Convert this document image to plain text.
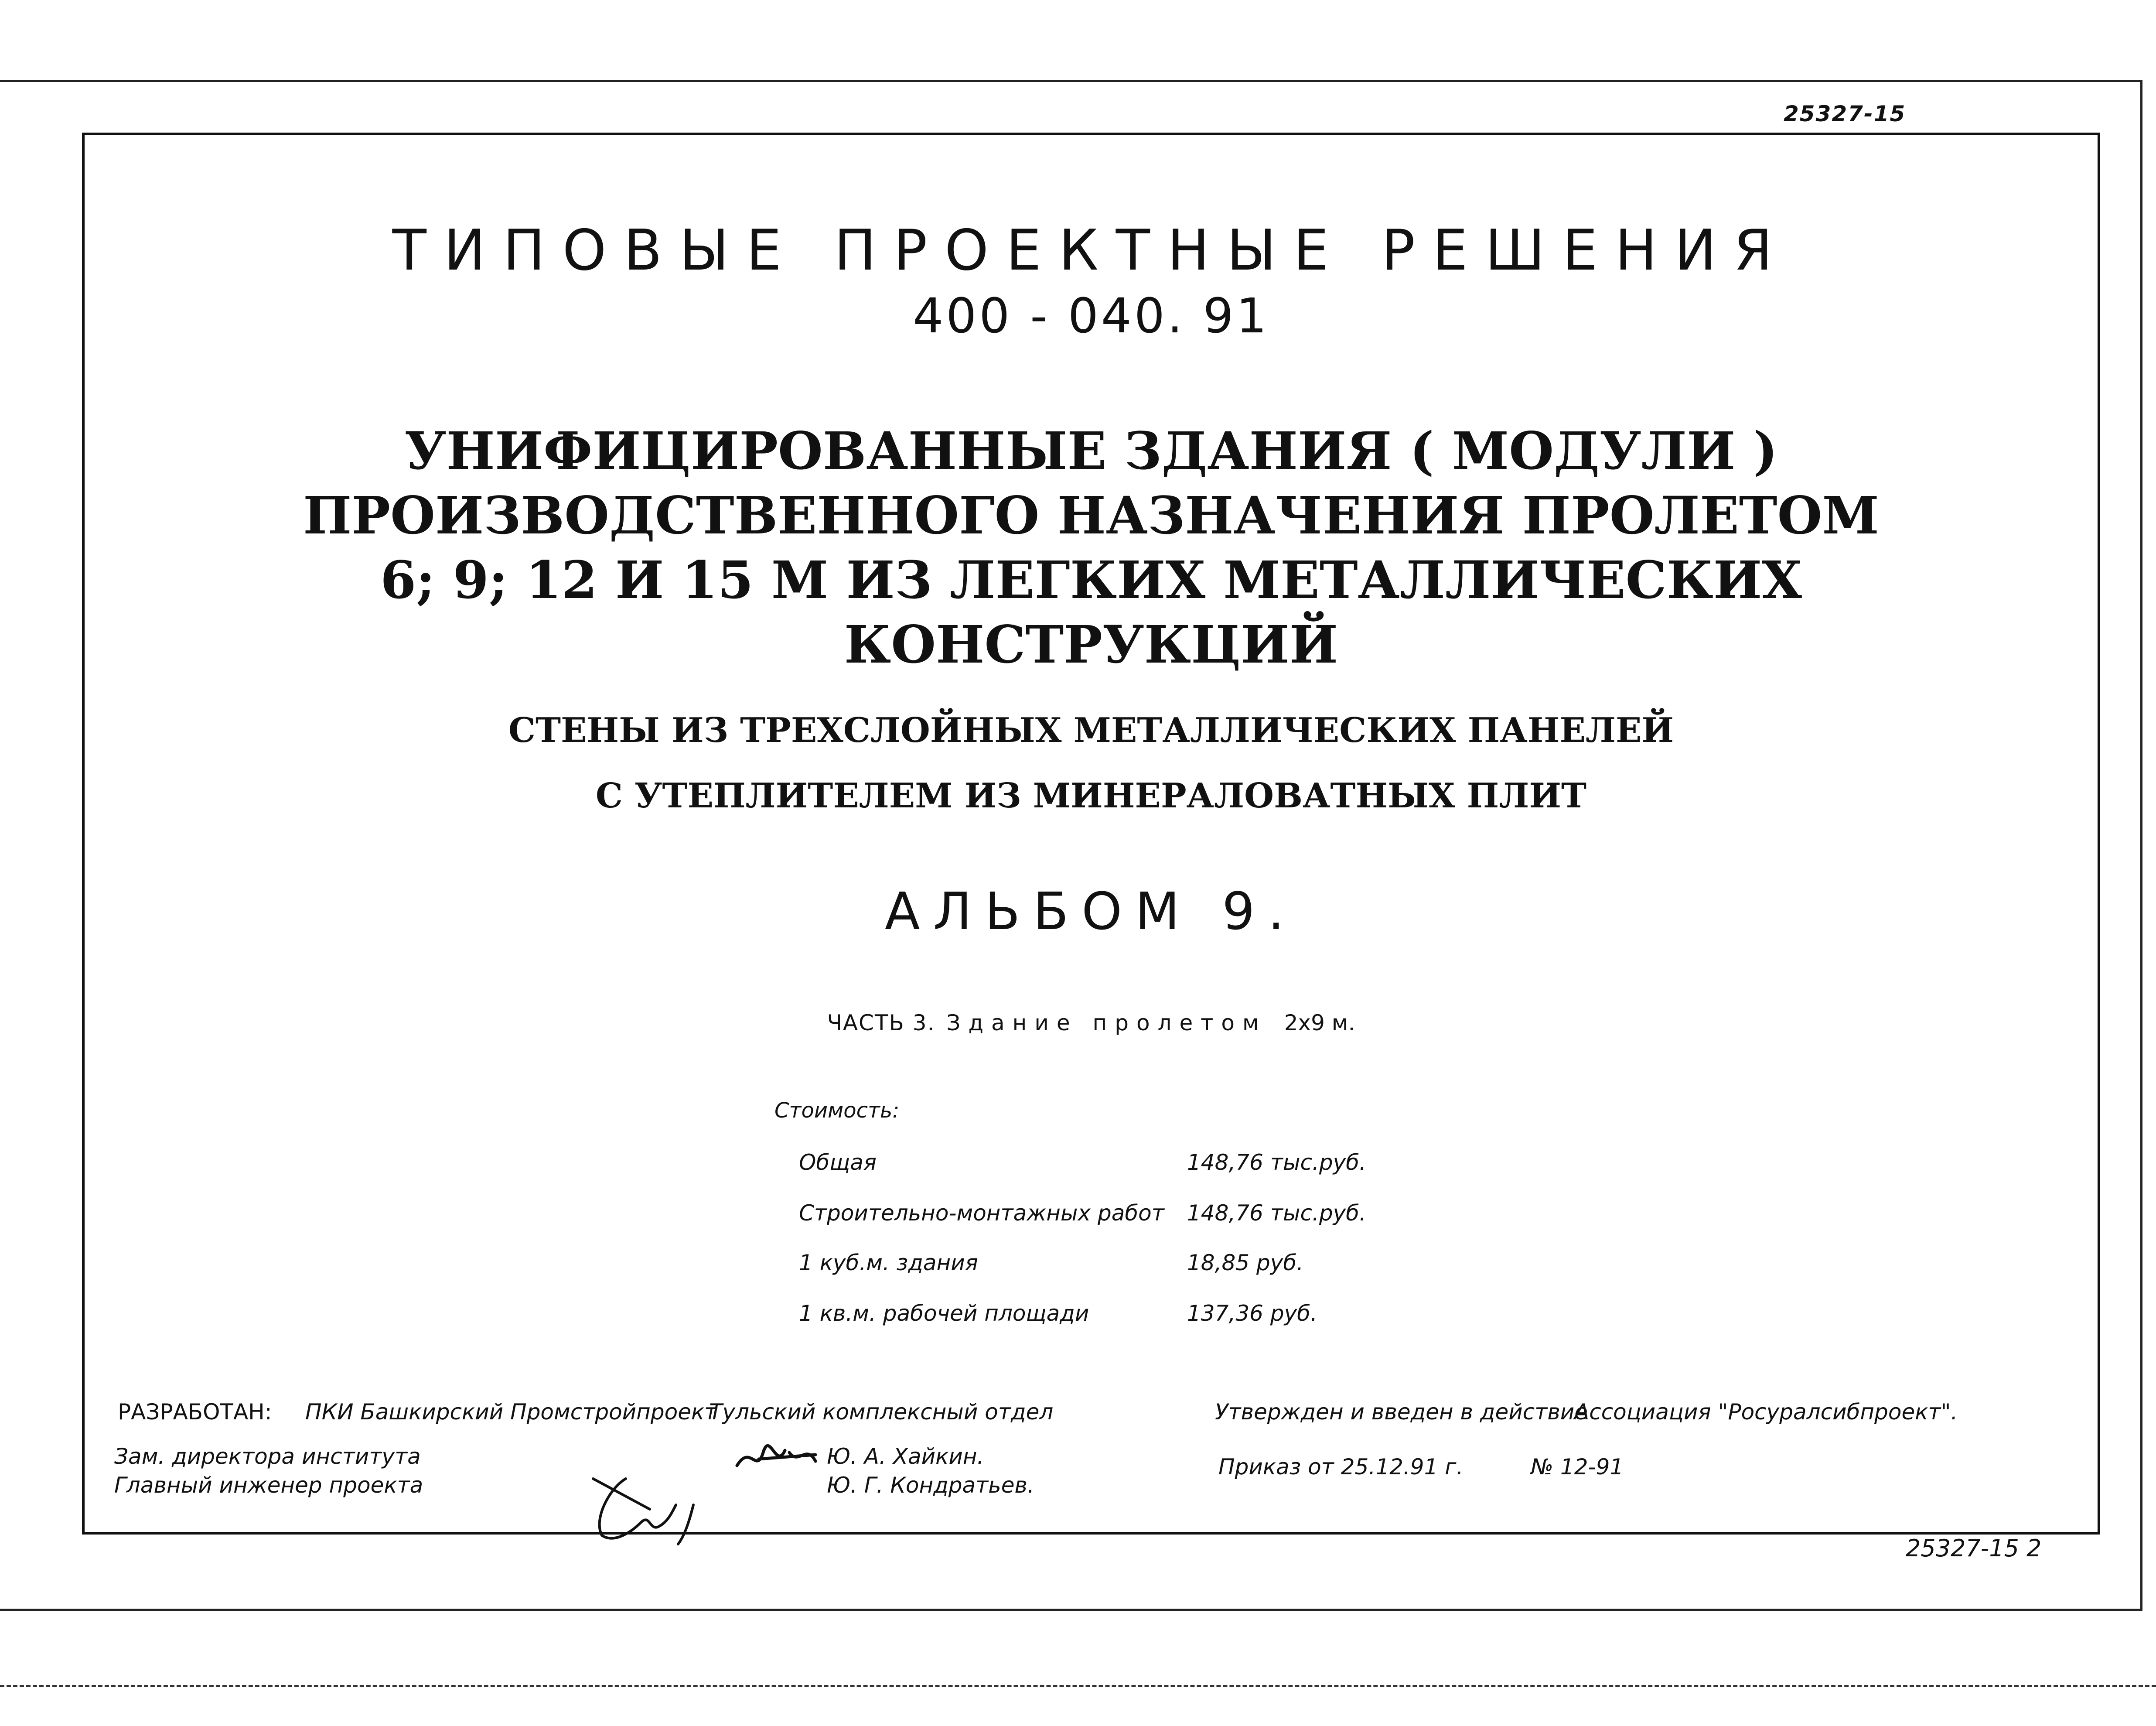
25327-15
ТИПОВЫЕ ПРОЕКТНЫЕ РЕШЕНИЯ
400 - 040. 91
УНИФИЦИРОВАННЫЕ ЗДАНИЯ ( МОДУЛИ )
ПРОИЗВОДСТВЕННОГО НАЗНАЧЕНИЯ ПРОЛЕТОМ
6; 9; 12 И 15 М ИЗ ЛЕГКИХ МЕТАЛЛИЧЕСКИХ
КОНСТРУКЦИЙ
СТЕНЫ ИЗ ТРЕХСЛОЙНЫХ МЕТАЛЛИЧЕСКИХ ПАНЕЛЕЙ
С УТЕПЛИТЕЛЕМ ИЗ МИНЕРАЛОВАТНЫХ ПЛИТ
АЛЬБОМ 9.
ЧАСТЬ 3. Здание пролетом 2х9 м.
Стоимость:
Общая	148,76 тыс.руб.
Строительно-монтажных работ 148,76 тыс.руб.
1 куб.м. здания	18,85 руб.
1 кв.м. рабочей площади	137,36 руб.
РАЗРАБОТАН: ПКИ Башкирский Промстройпроект
Тульский комплексный отдел	Утвержден и введен в действие
Ассоциация "Росуралсибпроект".
Зам. директора института
Главный инженер проекта
Ю. А. Хайкин.
Ю. Г. Кондратьев.
Приказ от 25.12.91 г.	№ 12-91
25327-15 2
